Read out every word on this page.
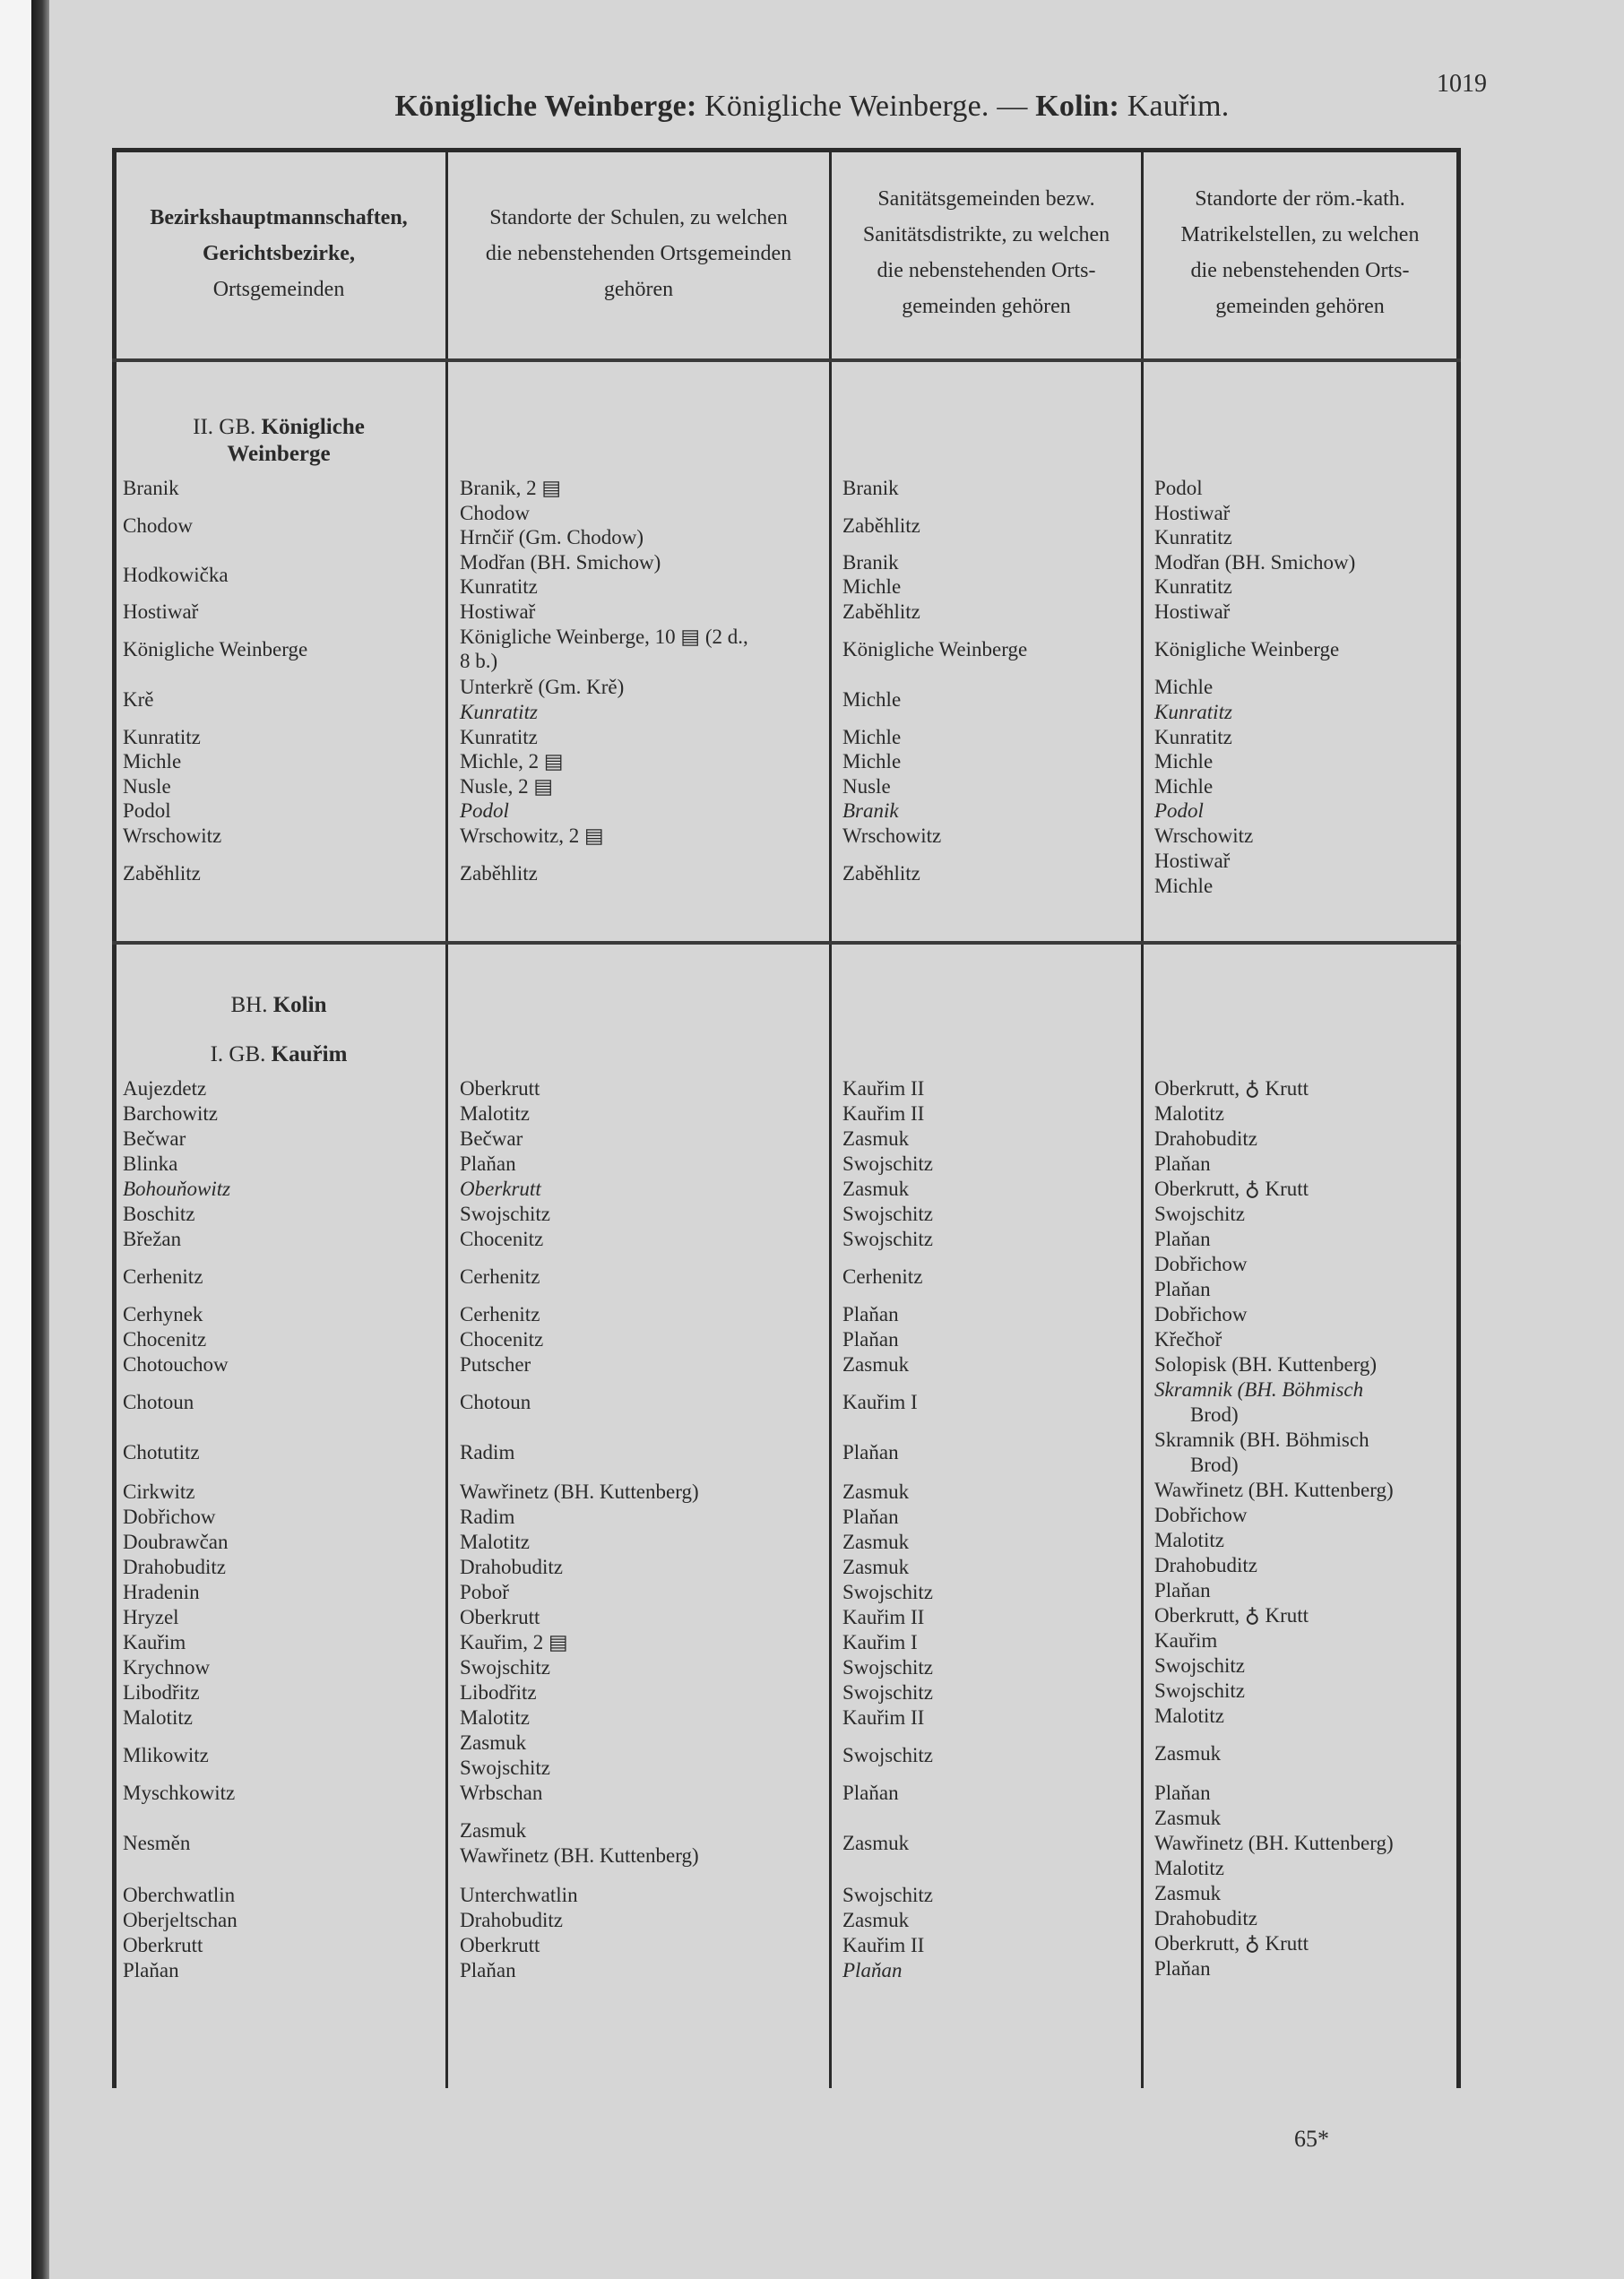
1019
Königliche Weinberge: Königliche Weinberge. — Kolin: Kauřim.
Bezirkshauptmannschaften,
Gerichtsbezirke,
Ortsgemeinden
Standorte der Schulen, zu welchen
die nebenstehenden Ortsgemeinden
gehören
Sanitätsgemeinden bezw.
Sanitätsdistrikte, zu welchen
die nebenstehenden Orts-
gemeinden gehören
Standorte der röm.-kath.
Matrikelstellen, zu welchen
die nebenstehenden Orts-
gemeinden gehören
II. GB. Königliche
Weinberge
BH. Kolin
I. GB. Kauřim
Branik
Chodow
Hodkowička
Hostiwař
Königliche Weinberge
Krě
Kunratitz
Michle
Nusle
Podol
Wrschowitz
Zaběhlitz
Branik, 2 ▤
Chodow
Hrnčiř (Gm. Chodow)
Modřan (BH. Smichow)
Kunratitz
Hostiwař
Königliche Weinberge, 10 ▤ (2 d.,
8 b.)
Unterkrě (Gm. Krě)
Kunratitz
Kunratitz
Michle, 2 ▤
Nusle, 2 ▤
Podol
Wrschowitz, 2 ▤
Zaběhlitz
Branik
Zaběhlitz
Branik
Michle
Zaběhlitz
Königliche Weinberge
Michle
Michle
Michle
Nusle
Branik
Wrschowitz
Zaběhlitz
Podol
Hostiwař
Kunratitz
Modřan (BH. Smichow)
Kunratitz
Hostiwař
Königliche Weinberge
Michle
Kunratitz
Kunratitz
Michle
Michle
Podol
Wrschowitz
Hostiwař
Michle
Aujezdetz
Barchowitz
Bečwar
Blinka
Bohouňowitz
Boschitz
Břežan
Cerhenitz
Cerhynek
Chocenitz
Chotouchow
Chotoun
Chotutitz
Cirkwitz
Dobřichow
Doubrawčan
Drahobuditz
Hradenin
Hryzel
Kauřim
Krychnow
Libodřitz
Malotitz
Mlikowitz
Myschkowitz
Nesměn
Oberchwatlin
Oberjeltschan
Oberkrutt
Plaňan
Oberkrutt
Malotitz
Bečwar
Plaňan
Oberkrutt
Swojschitz
Chocenitz
Cerhenitz
Cerhenitz
Chocenitz
Putscher
Chotoun
Radim
Wawřinetz (BH. Kuttenberg)
Radim
Malotitz
Drahobuditz
Poboř
Oberkrutt
Kauřim, 2 ▤
Swojschitz
Libodřitz
Malotitz
Zasmuk
Swojschitz
Wrbschan
Zasmuk
Wawřinetz (BH. Kuttenberg)
Unterchwatlin
Drahobuditz
Oberkrutt
Plaňan
Kauřim II
Kauřim II
Zasmuk
Swojschitz
Zasmuk
Swojschitz
Swojschitz
Cerhenitz
Plaňan
Plaňan
Zasmuk
Kauřim I
Plaňan
Zasmuk
Plaňan
Zasmuk
Zasmuk
Swojschitz
Kauřim II
Kauřim I
Swojschitz
Swojschitz
Kauřim II
Swojschitz
Plaňan
Zasmuk
Swojschitz
Zasmuk
Kauřim II
Plaňan
Oberkrutt, ♁ Krutt
Malotitz
Drahobuditz
Plaňan
Oberkrutt, ♁ Krutt
Swojschitz
Plaňan
Dobřichow
Plaňan
Dobřichow
Křečhoř
Solopisk (BH. Kuttenberg)
Skramnik (BH. Böhmisch
Brod)
Skramnik (BH. Böhmisch
Brod)
Wawřinetz (BH. Kuttenberg)
Dobřichow
Malotitz
Drahobuditz
Plaňan
Oberkrutt, ♁ Krutt
Kauřim
Swojschitz
Swojschitz
Malotitz
Zasmuk
Plaňan
Zasmuk
Wawřinetz (BH. Kuttenberg)
Malotitz
Zasmuk
Drahobuditz
Oberkrutt, ♁ Krutt
Plaňan
65*
